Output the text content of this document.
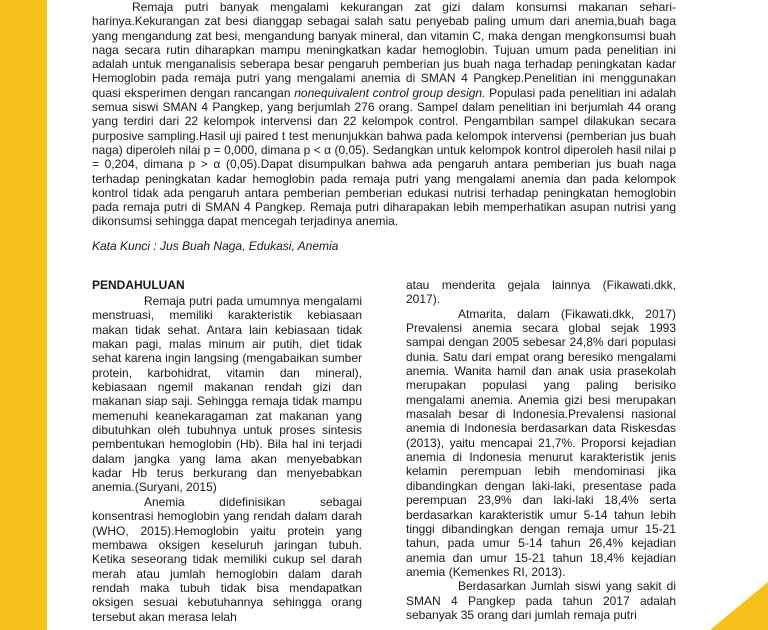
Remaja putri banyak mengalami kekurangan zat gizi dalam konsumsi makanan sehari-harinya.Kekurangan zat besi dianggap sebagai salah satu penyebab paling umum dari anemia,buah baga yang mengandung zat besi, mengandung banyak mineral, dan vitamin C, maka dengan mengkonsumsi buah naga secara rutin diharapkan mampu meningkatkan kadar hemoglobin. Tujuan umum pada penelitian ini adalah untuk menganalisis seberapa besar pengaruh pemberian jus buah naga terhadap peningkatan kadar Hemoglobin pada remaja putri yang mengalami anemia di SMAN 4 Pangkep.Penelitian ini menggunakan quasi eksperimen dengan rancangan nonequivalent control group design. Populasi pada penelitian ini adalah semua siswi SMAN 4 Pangkep, yang berjumlah 276 orang. Sampel dalam penelitian ini berjumlah 44 orang yang terdiri dari 22 kelompok intervensi dan 22 kelompok control. Pengambilan sampel dilakukan secara purposive sampling.Hasil uji paired t test menunjukkan bahwa pada kelompok intervensi (pemberian jus buah naga) diperoleh nilai p = 0,000, dimana p < α (0,05). Sedangkan untuk kelompok kontrol diperoleh hasil nilai p = 0,204, dimana p > α (0,05).Dapat disumpulkan bahwa ada pengaruh antara pemberian jus buah naga terhadap peningkatan kadar hemoglobin pada remaja putri yang mengalami anemia dan pada kelompok kontrol tidak ada pengaruh antara pemberian pemberian edukasi nutrisi terhadap peningkatan hemoglobin pada remaja putri di SMAN 4 Pangkep. Remaja putri diharapakan lebih memperhatikan asupan nutrisi yang dikonsumsi sehingga dapat mencegah terjadinya anemia.

Kata Kunci : Jus Buah Naga, Edukasi, Anemia

PENDAHULUAN

Remaja putri pada umumnya mengalami menstruasi, memiliki karakteristik kebiasaan makan tidak sehat. Antara lain kebiasaan tidak makan pagi, malas minum air putih, diet tidak sehat karena ingin langsing (mengabaikan sumber protein, karbohidrat, vitamin dan mineral), kebiasaan ngemil makanan rendah gizi dan makanan siap saji. Sehingga remaja tidak mampu memenuhi keanekaragaman zat makanan yang dibutuhkan oleh tubuhnya untuk proses sintesis pembentukan hemoglobin (Hb). Bila hal ini terjadi dalam jangka yang lama akan menyebabkan kadar Hb terus berkurang dan menyebabkan anemia.(Suryani, 2015)

Anemia didefinisikan sebagai konsentrasi hemoglobin yang rendah dalam darah (WHO, 2015).Hemoglobin yaitu protein yang membawa oksigen keseluruh jaringan tubuh. Ketika seseorang tidak memiliki cukup sel darah merah atau jumlah hemoglobin dalam darah rendah maka tubuh tidak bisa mendapatkan oksigen sesuai kebutuhannya sehingga orang tersebut akan merasa lelah

atau menderita gejala lainnya (Fikawati.dkk, 2017).

Atmarita, dalam (Fikawati.dkk, 2017) Prevalensi anemia secara global sejak 1993 sampai dengan 2005 sebesar 24,8% dari populasi dunia. Satu dari empat orang beresiko mengalami anemia. Wanita hamil dan anak usia prasekolah merupakan populasi yang paling berisiko mengalami anemia. Anemia gizi besi merupakan masalah besar di Indonesia.Prevalensi nasional anemia di Indonesia berdasarkan data Riskesdas (2013), yaitu mencapai 21,7%. Proporsi kejadian anemia di Indonesia menurut karakteristik jenis kelamin perempuan lebih mendominasi jika dibandingkan dengan laki-laki, presentase pada perempuan 23,9% dan laki-laki 18,4% serta berdasarkan karakteristik umur 5-14 tahun lebih tinggi dibandingkan dengan remaja umur 15-21 tahun, pada umur 5-14 tahun 26,4% kejadian anemia dan umur 15-21 tahun 18,4% kejadian anemia (Kemenkes RI, 2013).

Berdasarkan Jumlah siswi yang sakit di SMAN 4 Pangkep pada tahun 2017 adalah sebanyak 35 orang dari jumlah remaja putri
